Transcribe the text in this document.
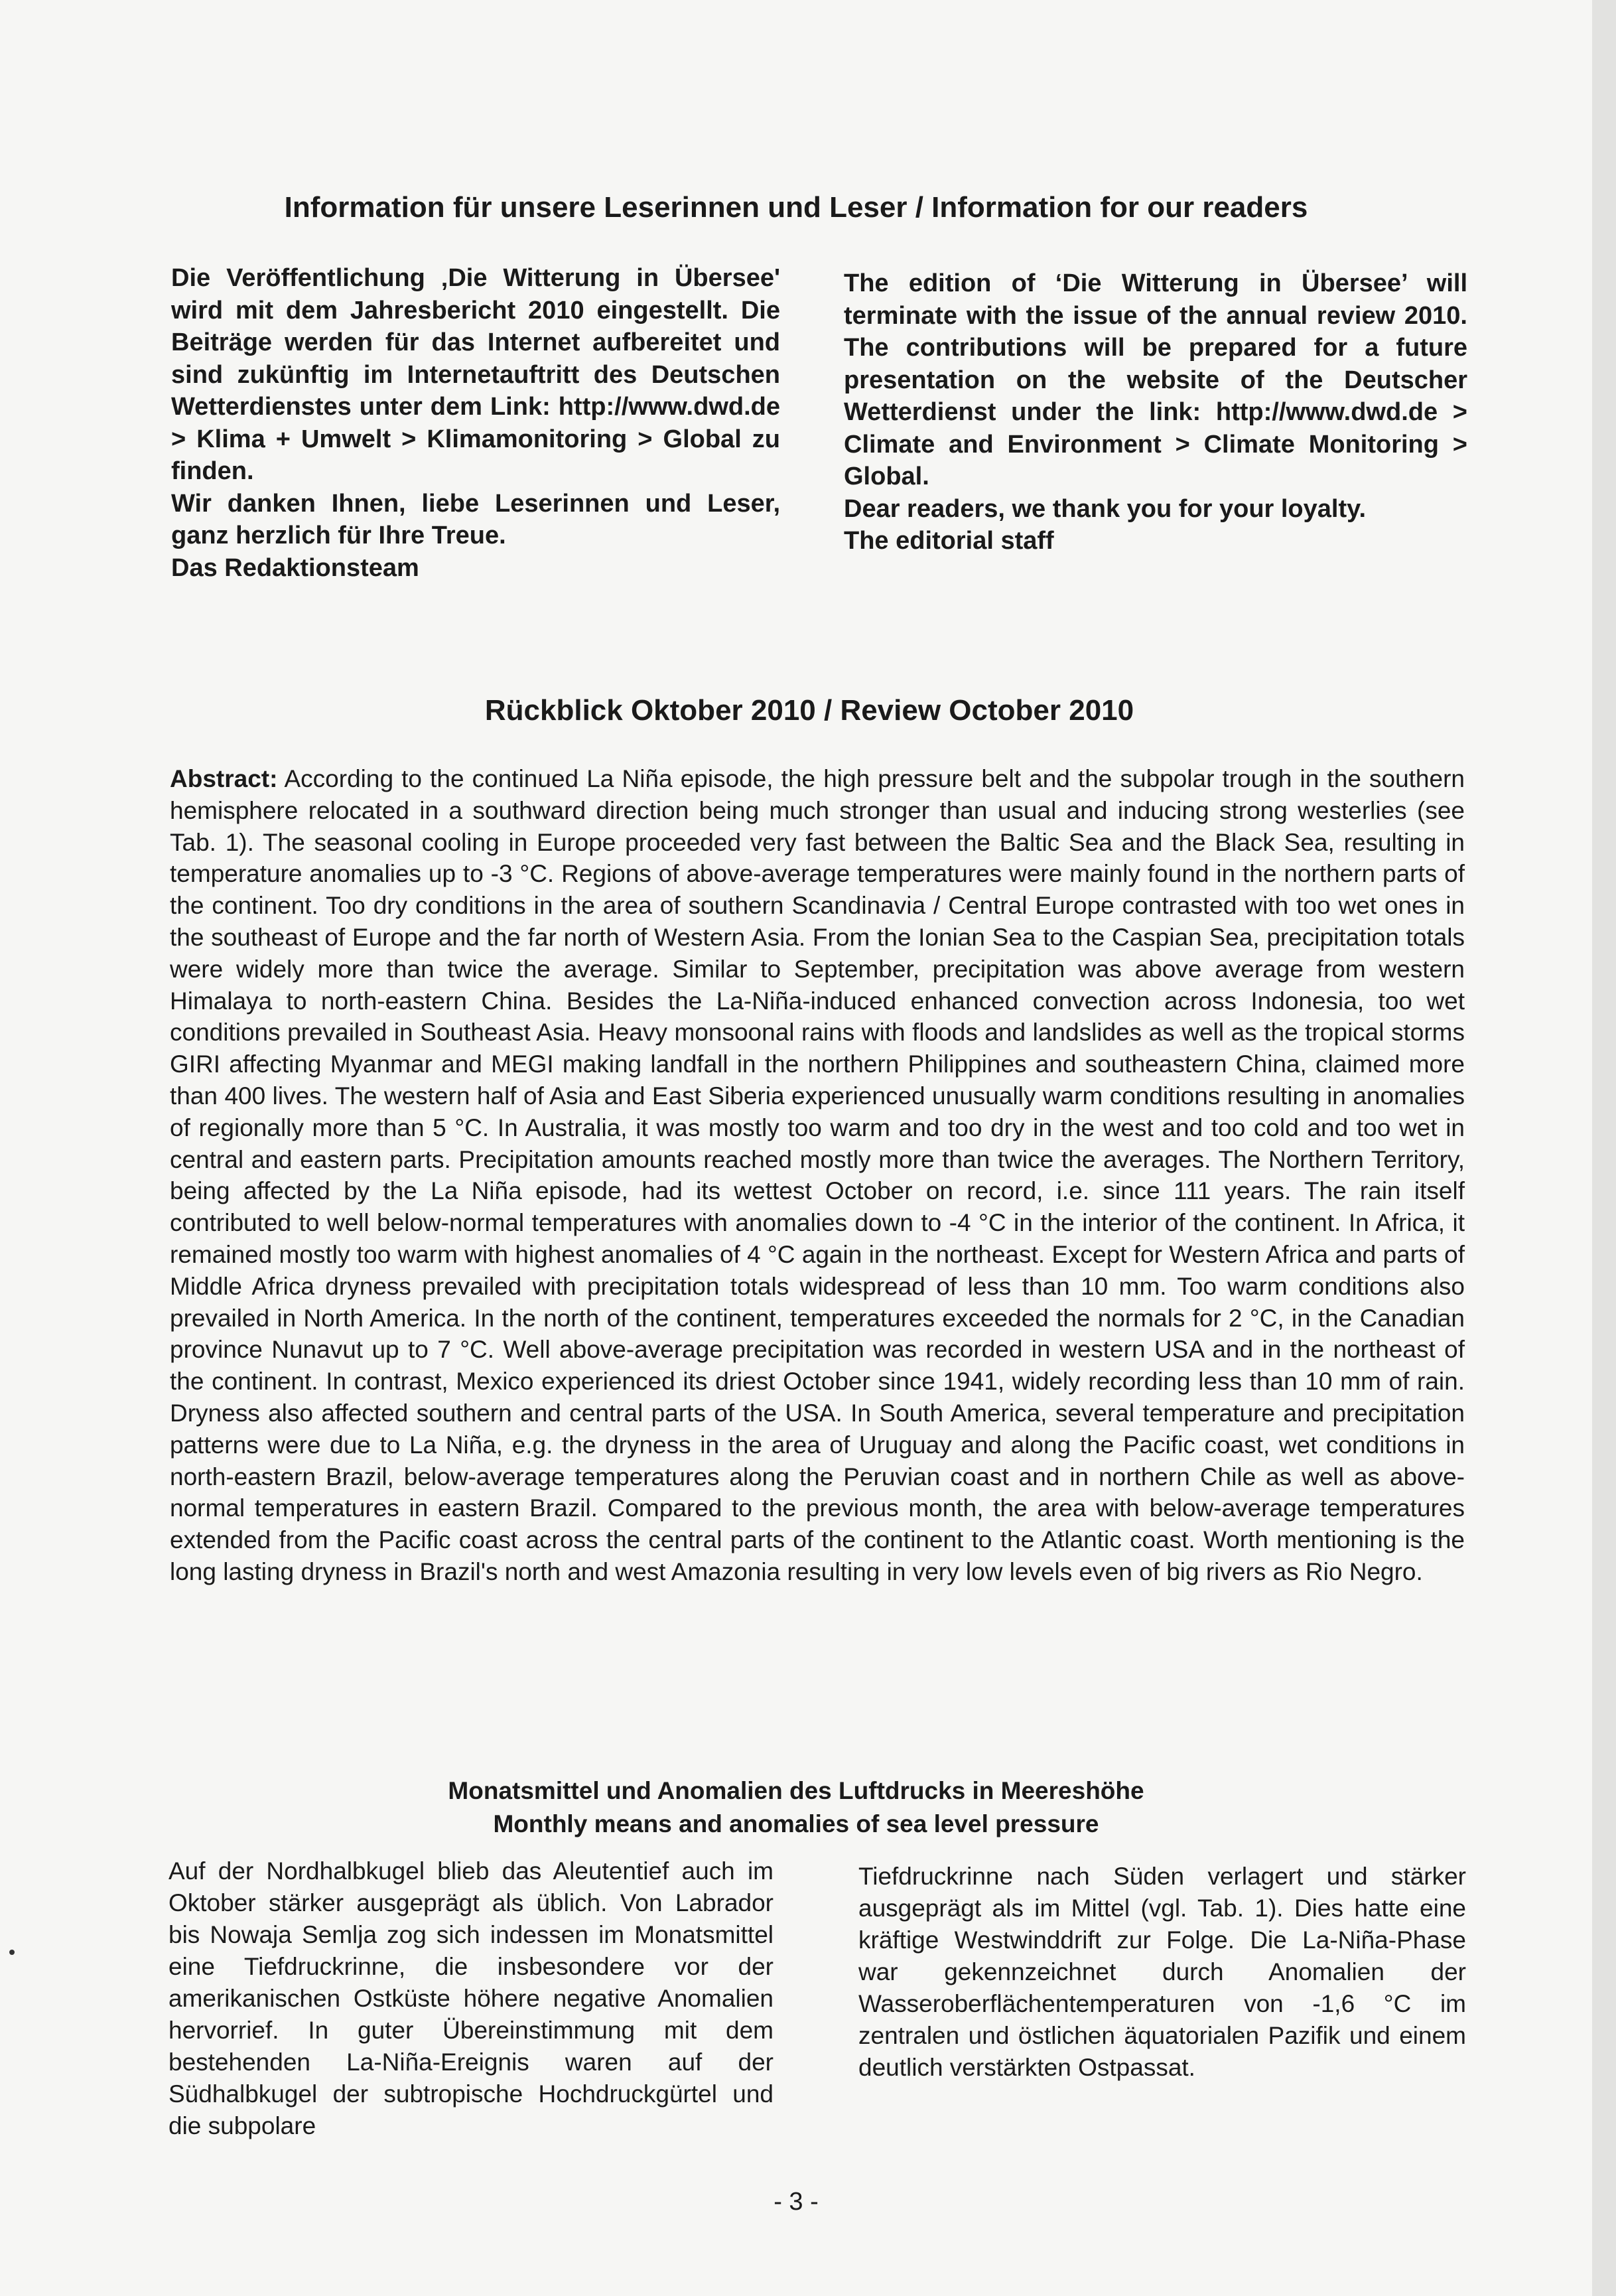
Information für unsere Leserinnen und Leser / Information for our readers

Die Veröffentlichung ‚Die Witterung in Übersee' wird mit dem Jahresbericht 2010 eingestellt. Die Beiträge werden für das Internet aufbereitet und sind zukünftig im Internetauftritt des Deutschen Wetterdienstes unter dem Link: http://www.dwd.de > Klima + Umwelt > Klimamonitoring > Global zu finden.

Wir danken Ihnen, liebe Leserinnen und Leser, ganz herzlich für Ihre Treue.

Das Redaktionsteam

The edition of ‘Die Witterung in Übersee’ will terminate with the issue of the annual review 2010. The contributions will be prepared for a future presentation on the website of the Deutscher Wetterdienst under the link: http://www.dwd.de > Climate and Environment > Climate Monitoring > Global.

Dear readers, we thank you for your loyalty.

The editorial staff

Rückblick Oktober 2010 / Review October 2010

Abstract: According to the continued La Niña episode, the high pressure belt and the subpolar trough in the southern hemisphere relocated in a southward direction being much stronger than usual and inducing strong westerlies (see Tab. 1). The seasonal cooling in Europe proceeded very fast between the Baltic Sea and the Black Sea, resulting in temperature anomalies up to -3 °C. Regions of above-average temperatures were mainly found in the northern parts of the continent. Too dry conditions in the area of southern Scandinavia / Central Europe contrasted with too wet ones in the southeast of Europe and the far north of Western Asia. From the Ionian Sea to the Caspian Sea, precipitation totals were widely more than twice the average. Similar to September, precipitation was above average from western Himalaya to north-eastern China. Besides the La-Niña-induced enhanced convection across Indonesia, too wet conditions prevailed in Southeast Asia. Heavy monsoonal rains with floods and landslides as well as the tropical storms GIRI affecting Myanmar and MEGI making landfall in the northern Philippines and southeastern China, claimed more than 400 lives. The western half of Asia and East Siberia experienced unusually warm conditions resulting in anomalies of regionally more than 5 °C. In Australia, it was mostly too warm and too dry in the west and too cold and too wet in central and eastern parts. Precipitation amounts reached mostly more than twice the averages. The Northern Territory, being affected by the La Niña episode, had its wettest October on record, i.e. since 111 years. The rain itself contributed to well below-normal temperatures with anomalies down to -4 °C in the interior of the continent. In Africa, it remained mostly too warm with highest anomalies of 4 °C again in the northeast. Except for Western Africa and parts of Middle Africa dryness prevailed with precipitation totals widespread of less than 10 mm. Too warm conditions also prevailed in North America. In the north of the continent, temperatures exceeded the normals for 2 °C, in the Canadian province Nunavut up to 7 °C. Well above-average precipitation was recorded in western USA and in the northeast of the continent. In contrast, Mexico experienced its driest October since 1941, widely recording less than 10 mm of rain. Dryness also affected southern and central parts of the USA. In South America, several temperature and precipitation patterns were due to La Niña, e.g. the dryness in the area of Uruguay and along the Pacific coast, wet conditions in north-eastern Brazil, below-average temperatures along the Peruvian coast and in northern Chile as well as above-normal temperatures in eastern Brazil. Compared to the previous month, the area with below-average temperatures extended from the Pacific coast across the central parts of the continent to the Atlantic coast. Worth mentioning is the long lasting dryness in Brazil's north and west Amazonia resulting in very low levels even of big rivers as Rio Negro.

Monatsmittel und Anomalien des Luftdrucks in Meereshöhe
Monthly means and anomalies of sea level pressure

Auf der Nordhalbkugel blieb das Aleutentief auch im Oktober stärker ausgeprägt als üblich. Von Labrador bis Nowaja Semlja zog sich indessen im Monatsmittel eine Tiefdruckrinne, die insbesondere vor der amerikanischen Ostküste höhere negative Anomalien hervorrief. In guter Übereinstimmung mit dem bestehenden La-Niña-Ereignis waren auf der Südhalbkugel der subtropische Hochdruckgürtel und die subpolare

Tiefdruckrinne nach Süden verlagert und stärker ausgeprägt als im Mittel (vgl. Tab. 1). Dies hatte eine kräftige Westwinddrift zur Folge. Die La-Niña-Phase war gekennzeichnet durch Anomalien der Wasseroberflächentemperaturen von -1,6 °C im zentralen und östlichen äquatorialen Pazifik und einem deutlich verstärkten Ostpassat.

- 3 -
